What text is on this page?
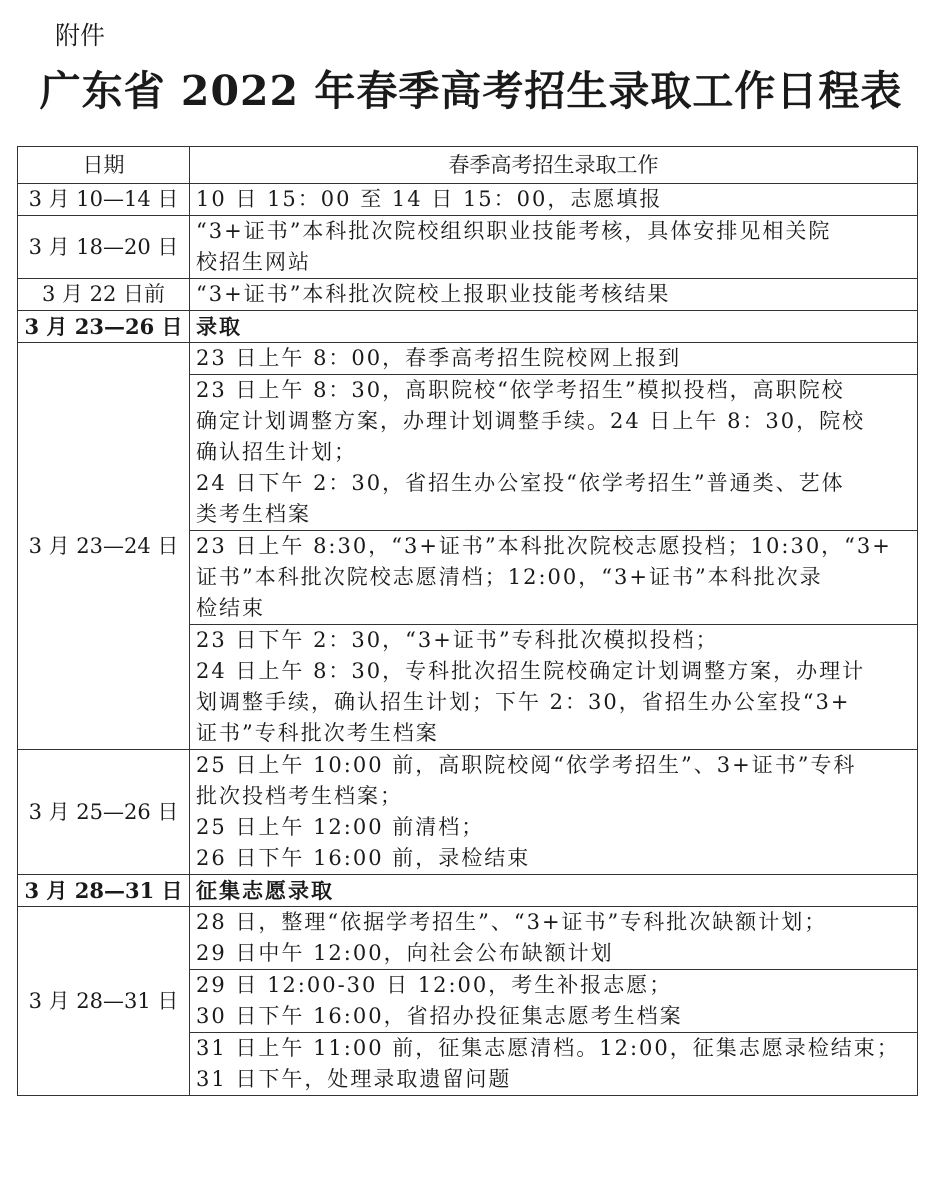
附件
广东省 2022 年春季高考招生录取工作日程表
日期	春季高考招生录取工作
3 月 10—14 日	10 日 15：00 至 14 日 15：00，志愿填报

3 月 18—20 日	“3+证书”本科批次院校组织职业技能考核，具体安排见相关院
校招生网站

3 月 22 日前	“3+证书”本科批次院校上报职业技能考核结果

3 月 23—26 日	录取

3 月 23—24 日	23 日上午 8：00，春季高考招生院校网上报到

	23 日上午 8：30，高职院校“依学考招生”模拟投档，高职院校
确定计划调整方案，办理计划调整手续。24 日上午 8：30，院校
确认招生计划；
24 日下午 2：30，省招生办公室投“依学考招生”普通类、艺体
类考生档案

	23 日上午 8:30，“3+证书”本科批次院校志愿投档；10:30，“3+
证书”本科批次院校志愿清档；12:00，“3+证书”本科批次录
检结束

	23 日下午 2：30，“3+证书”专科批次模拟投档；
24 日上午 8：30，专科批次招生院校确定计划调整方案，办理计
划调整手续，确认招生计划；下午 2：30，省招生办公室投“3+
证书”专科批次考生档案

3 月 25—26 日	25 日上午 10:00 前，高职院校阅“依学考招生”、3+证书”专科
批次投档考生档案；
25 日上午 12:00 前清档；
26 日下午 16:00 前，录检结束

3 月 28—31 日	征集志愿录取

3 月 28—31 日	28 日，整理“依据学考招生”、“3+证书”专科批次缺额计划；
29 日中午 12:00，向社会公布缺额计划

	29 日 12:00-30 日 12:00，考生补报志愿；
30 日下午 16:00，省招办投征集志愿考生档案

	31 日上午 11:00 前，征集志愿清档。12:00，征集志愿录检结束；
31 日下午，处理录取遗留问题
